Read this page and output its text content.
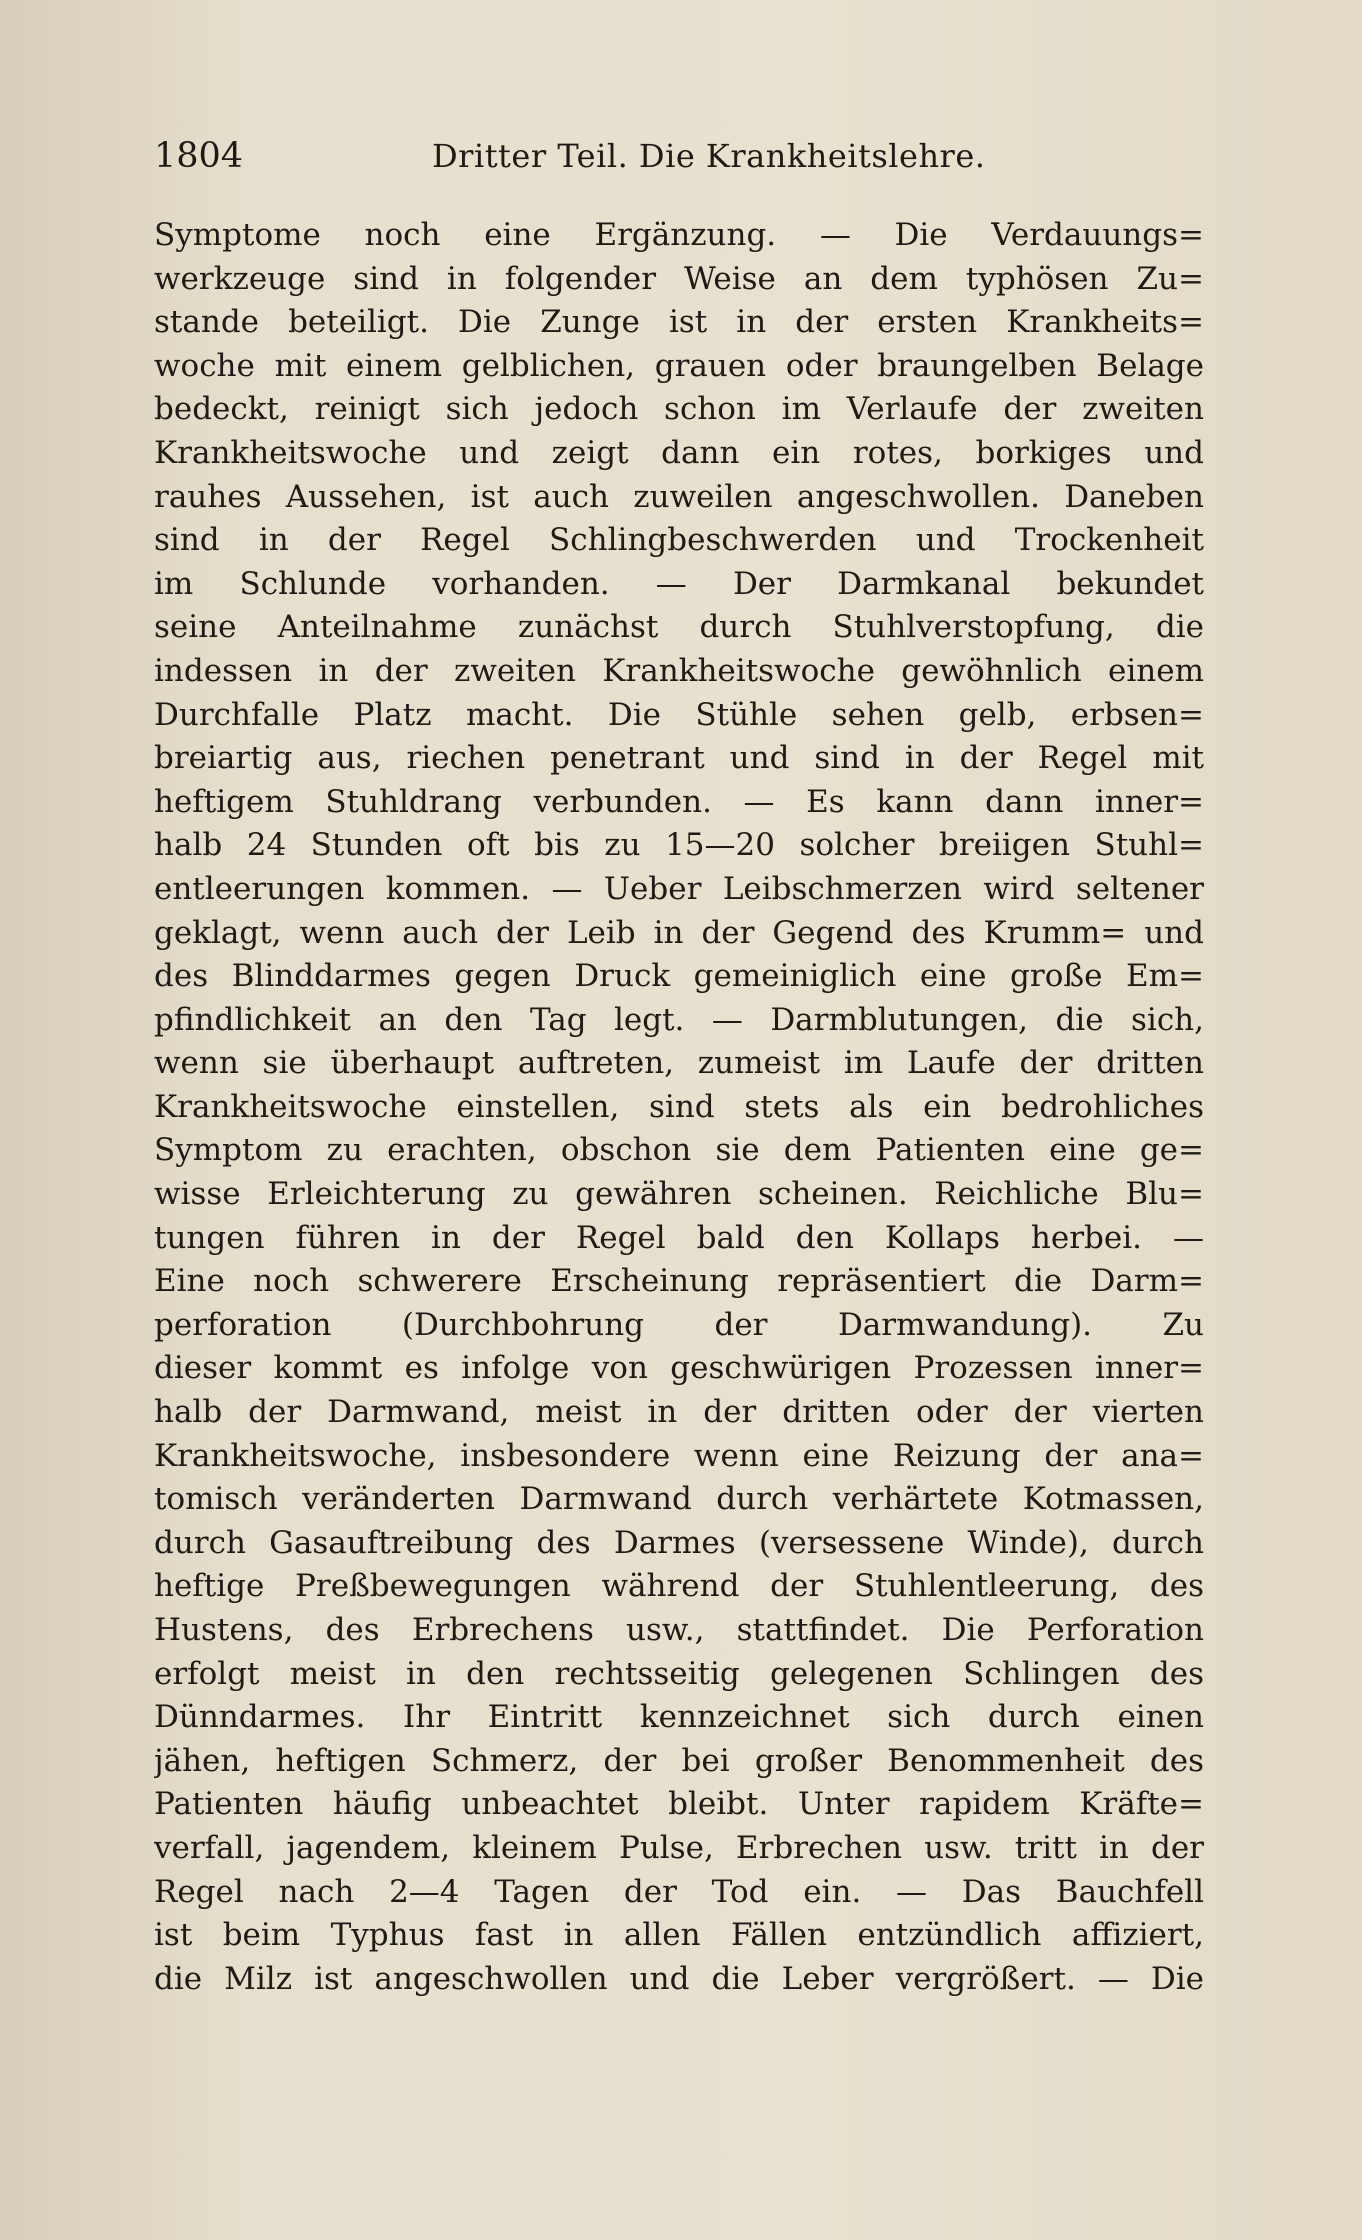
1804	Dritter Teil. Die Krankheitslehre.
Symptome noch eine Ergänzung. — Die Verdauungs=
werkzeuge sind in folgender Weise an dem typhösen Zu=
stande beteiligt. Die Zunge ist in der ersten Krankheits=
woche mit einem gelblichen, grauen oder braungelben Belage
bedeckt, reinigt sich jedoch schon im Verlaufe der zweiten
Krankheitswoche und zeigt dann ein rotes, borkiges und
rauhes Aussehen, ist auch zuweilen angeschwollen. Daneben
sind in der Regel Schlingbeschwerden und Trockenheit
im Schlunde vorhanden. — Der Darmkanal bekundet
seine Anteilnahme zunächst durch Stuhlverstopfung, die
indessen in der zweiten Krankheitswoche gewöhnlich einem
Durchfalle Platz macht. Die Stühle sehen gelb, erbsen=
breiartig aus, riechen penetrant und sind in der Regel mit
heftigem Stuhldrang verbunden. — Es kann dann inner=
halb 24 Stunden oft bis zu 15—20 solcher breiigen Stuhl=
entleerungen kommen. — Ueber Leibschmerzen wird seltener
geklagt, wenn auch der Leib in der Gegend des Krumm= und
des Blinddarmes gegen Druck gemeiniglich eine große Em=
pfindlichkeit an den Tag legt. — Darmblutungen, die sich,
wenn sie überhaupt auftreten, zumeist im Laufe der dritten
Krankheitswoche einstellen, sind stets als ein bedrohliches
Symptom zu erachten, obschon sie dem Patienten eine ge=
wisse Erleichterung zu gewähren scheinen. Reichliche Blu=
tungen führen in der Regel bald den Kollaps herbei. —
Eine noch schwerere Erscheinung repräsentiert die Darm=
perforation (Durchbohrung der Darmwandung). Zu
dieser kommt es infolge von geschwürigen Prozessen inner=
halb der Darmwand, meist in der dritten oder der vierten
Krankheitswoche, insbesondere wenn eine Reizung der ana=
tomisch veränderten Darmwand durch verhärtete Kotmassen,
durch Gasauftreibung des Darmes (versessene Winde), durch
heftige Preßbewegungen während der Stuhlentleerung, des
Hustens, des Erbrechens usw., stattfindet. Die Perforation
erfolgt meist in den rechtsseitig gelegenen Schlingen des
Dünndarmes. Ihr Eintritt kennzeichnet sich durch einen
jähen, heftigen Schmerz, der bei großer Benommenheit des
Patienten häufig unbeachtet bleibt. Unter rapidem Kräfte=
verfall, jagendem, kleinem Pulse, Erbrechen usw. tritt in der
Regel nach 2—4 Tagen der Tod ein. — Das Bauchfell
ist beim Typhus fast in allen Fällen entzündlich affiziert,
die Milz ist angeschwollen und die Leber vergrößert. — Die
